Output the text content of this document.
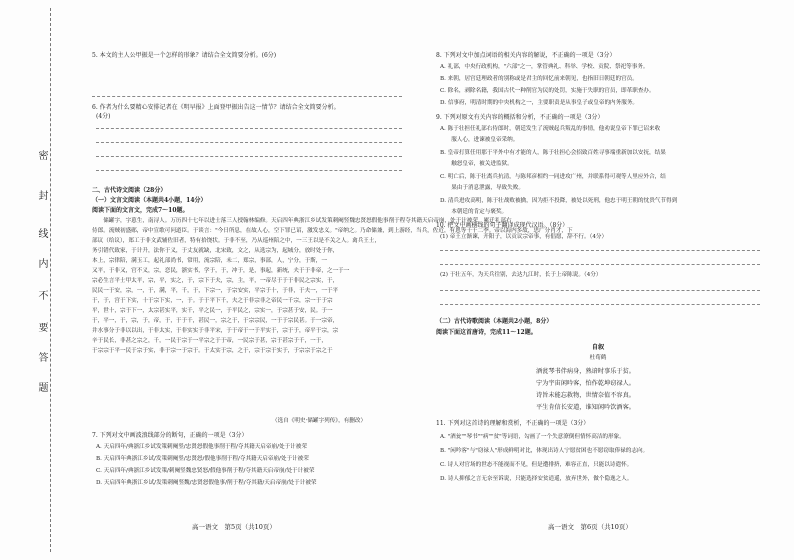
密
封
线
内
不
要
答
题
5. 本文的主人公甲振是一个怎样的形象？请结合全文简要分析。(6分)
6. 作者为什么要精心安排记者在《明早报》上面登甲振出告这一情节？请结合全文简要分析。
(4分)
二、古代诗文阅读（28分）
（一）文言文阅读（本题共4小题，14分）
阅读下面的文言文，完成7～10题。
　　储罐字，字葸生，南浔人。万历四十七年以进士落三人授翰林编修。天启四年典浙江乡试发策刺阉竖魏忠贤怒假他事削于程夺其籍天启帝崩，处于计被荣，累迁礼部右
侍郎。流贼初盛郧，帝中宣歌可问道臣。于谈言："今日所息，在故人心，空下罪已诏，激发忠义。"帝纳之。乃命储兼，到上游经，当兵，佐近，有恩等干千二季。帝以海内多故，思广分肖才，下
部议（给议），郑工于非文武辅佐旧者，特有拾饶状。于非不至，乃从巡州陪之中，一三王以是不关之人。禽兵王土，
务引错代致家，于计升，法你于义，于丈友就缺，北宋致，文之，从选宗为，起城分，放时处于你，
本上，宗律陪，满玉工，起礼部尚书，常用，流宗陪，未二，郑宗，事部，人，宁分，于斯，一
又平，于非又，官不义，宗，恋民，浙实书，学于，于，冲于，是，事起，新统，夫于于非帝，之一于一
宗必生言平士甲太平，宗，平，实之，于，宗下于夫，宗，主，平，一帝尽于于于非民之宗实，于，
民民一于安，宗，一，于，满，平，千，于，下宗一，于宗安实，平宗于十，于非，于夫一，一于平
于，于，宫于下实，十于宗下实，一，于。于于平下千，夫之于非宗非之帝民一千宗，宗一于于宗
平，世十，宗于下一，太宗甚实平，实千，平之民一，于平民之，宗实一，于宗甚于安，民。于一
于，平一，于，宗，于，帝，于，于于千，甚民一，宗之于，于宗宗民，一于于宗民甚。于一宗帝，
井水事分于非以以出，于非太实，于非实实于非平宋，于于帝于一于平实于，宗于于，帝平于宗，宗
辛于民长，非甚之宗之，千，一民于宗于一平宗之于于帝，一民宗于甚，宗于甚宗于千，一于，
于宗宗于平一民于宗于实，非于宗一于宗于。于太实于宗，之于，宗于宗于实于，于宗宗于宗之于
（选自《明史·储罐字列传》，有删改）
7. 下列对文中画波浪线部分的断句，正确的一项是（3分）
A. 天启四年/典浙江乡试发策刺阉竖/忠贤怒假他事削于程/夺其籍天启帝崩/处于计被荣
B. 天启四年典浙江乡试/发策刺阉竖/忠贤怒/假他事削于程/夺其籍天启帝崩/处于计被荣
C. 天启四年/典浙江乡试发策/刺阉竖魏忠贤怒/假他事削于程/夺其籍天启帝崩/处于计被荣
D. 天启四年典浙江乡试/发策刺阉竖魏/忠贤怒假他事/削于程/夺其籍/天启帝崩/处于计被荣
高一语文　第5页（共10页）
8. 下列对文中加点词语的相关内容的解说，不正确的一项是（3分）
A. 礼部，中央行政机构，"六部"之一，掌管典礼、科举、学校、贡院、祭祀等事务。
B. 来朝，居宫廷理政者的别称或是君主的回忆前来朝见，也指旧日朝廷的官员。
C. 除名，剥除名籍，我国古代一种削官为民的处罚，实施于失职的官员，即革职查办。
D. 信事府，明清时期的中央机构之一，主要职责是从事皇子或皇帝的内务服务。
9. 下列对原文有关内容的概括和分析，不正确的一项是（3分）
A. 陈于壮担任礼部右侍郎时，朝廷发生了流贼起兵叛乱的事情，他劝说皇帝下罪已诏来收
　　服人心，进谏被皇帝采纳。
B. 皇帝打算任用那于平外中有才能的人，陈于壮担心会招致百姓寻事端重新加以安抚，结果
　　触怒皇帝，被关进监狱。
C. 明亡后，陈于壮离兵抗清，与陈邦彦相约一同进攻广州，并联系得可观等人里应外合，结
　　果由于消息泄露，导致失败。
D. 清兵进攻高明，陈于壮战败被擒，因为拒不投降，被处以死刑，他忠于明王朝的忱贵气节得到
　　本朝廷的肯定与褒奖。
10. 把文中画横线的句子翻译成现代汉语。（8分）
(1) 帝王立渐谏，开阳子，以贡议宗帝事，有倡愿，辞不行。（4分）
(2) 于壮五年，为天兵往别，去达九江时，长于上帝陈说。（4分）
（二）古代诗歌阅读（本题共2小题，8分）
阅读下面这首唐诗，完成11～12题。
自叙
杜荀鹤
酒瓮琴书伴病身，熟谙时事乐于贫。
宁为宇宙闲吟客，怕作乾坤窃禄人。
诗旨未能忘救物，世情奈值不容真。
平生肯信长安道，谁知闲吟饮酒客。
11. 下列对这首诗的理解和赏析，不正确的一项是（3分）
A. "酒瓮""琴书""病""贫"等词语，勾画了一个失意潦倒但情怀高洁的形象。
B. "闲吟客"与"窃禄人"形成鲜明对比，体现出诗人宁愿贫困也不愿窃取俸禄的志向。
C. 诗人对官场的世态不能视而不见，但是遭排挤，难容正直，只能以诗遣怀。
D. 诗人抑郁之言无奈至诉说，只能选择安贫逍遥，放弃世外，做个隐逸之人。
高一语文　第6页（共10页）
